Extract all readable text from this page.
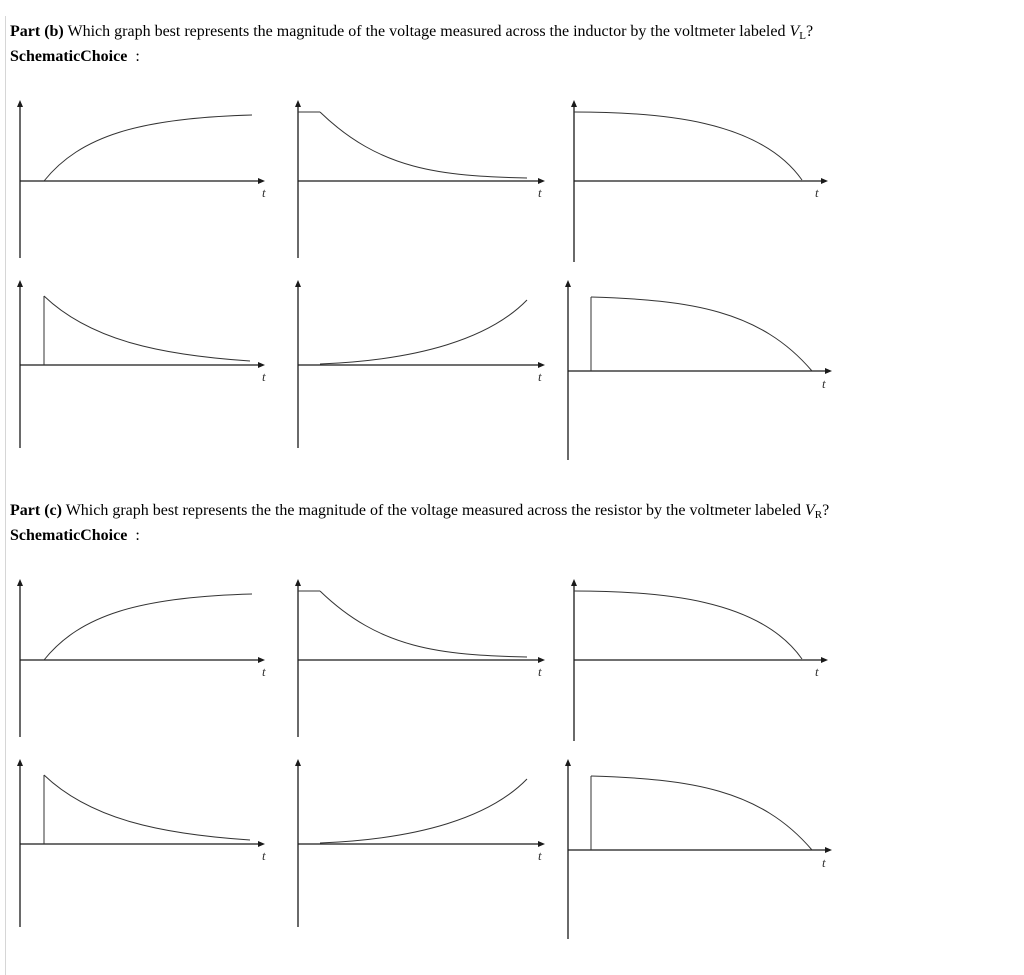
Part (b) Which graph best represents the magnitude of the voltage measured across the inductor by the voltmeter labeled VL?
SchematicChoice :
t	t	t
t	t	t
Part (c) Which graph best represents the the magnitude of the voltage measured across the resistor by the voltmeter labeled VR?
SchematicChoice :
t	t	t
t	t	t
